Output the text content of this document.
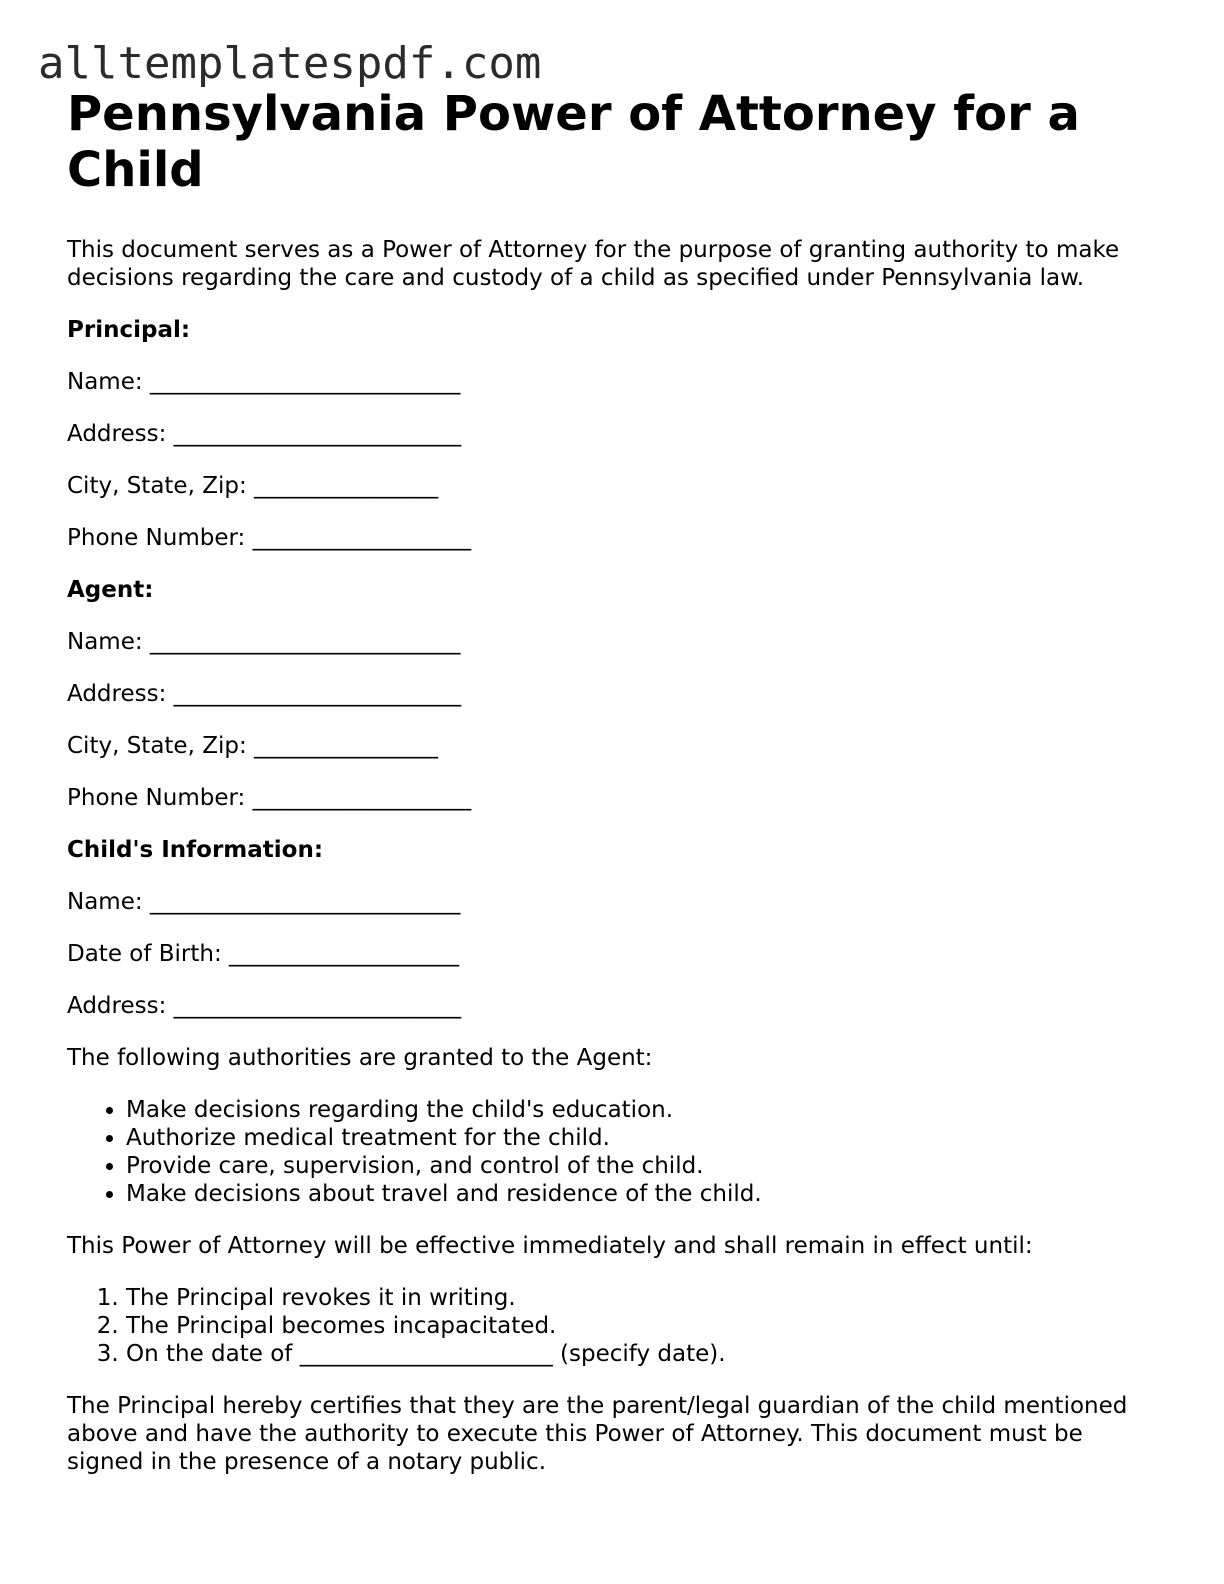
alltemplatespdf.com
Pennsylvania Power of Attorney for a Child

This document serves as a Power of Attorney for the purpose of granting authority to make decisions regarding the care and custody of a child as specified under Pennsylvania law.

Principal:
Name: ___________________________
Address: _________________________
City, State, Zip: ________________
Phone Number: ___________________
Agent:
Name: ___________________________
Address: _________________________
City, State, Zip: ________________
Phone Number: ___________________
Child's Information:
Name: ___________________________
Date of Birth: ____________________
Address: _________________________

The following authorities are granted to the Agent:

• Make decisions regarding the child's education.
• Authorize medical treatment for the child.
• Provide care, supervision, and control of the child.
• Make decisions about travel and residence of the child.

This Power of Attorney will be effective immediately and shall remain in effect until:

1. The Principal revokes it in writing.
2. The Principal becomes incapacitated.
3. On the date of ______________________ (specify date).

The Principal hereby certifies that they are the parent/legal guardian of the child mentioned above and have the authority to execute this Power of Attorney. This document must be signed in the presence of a notary public.
